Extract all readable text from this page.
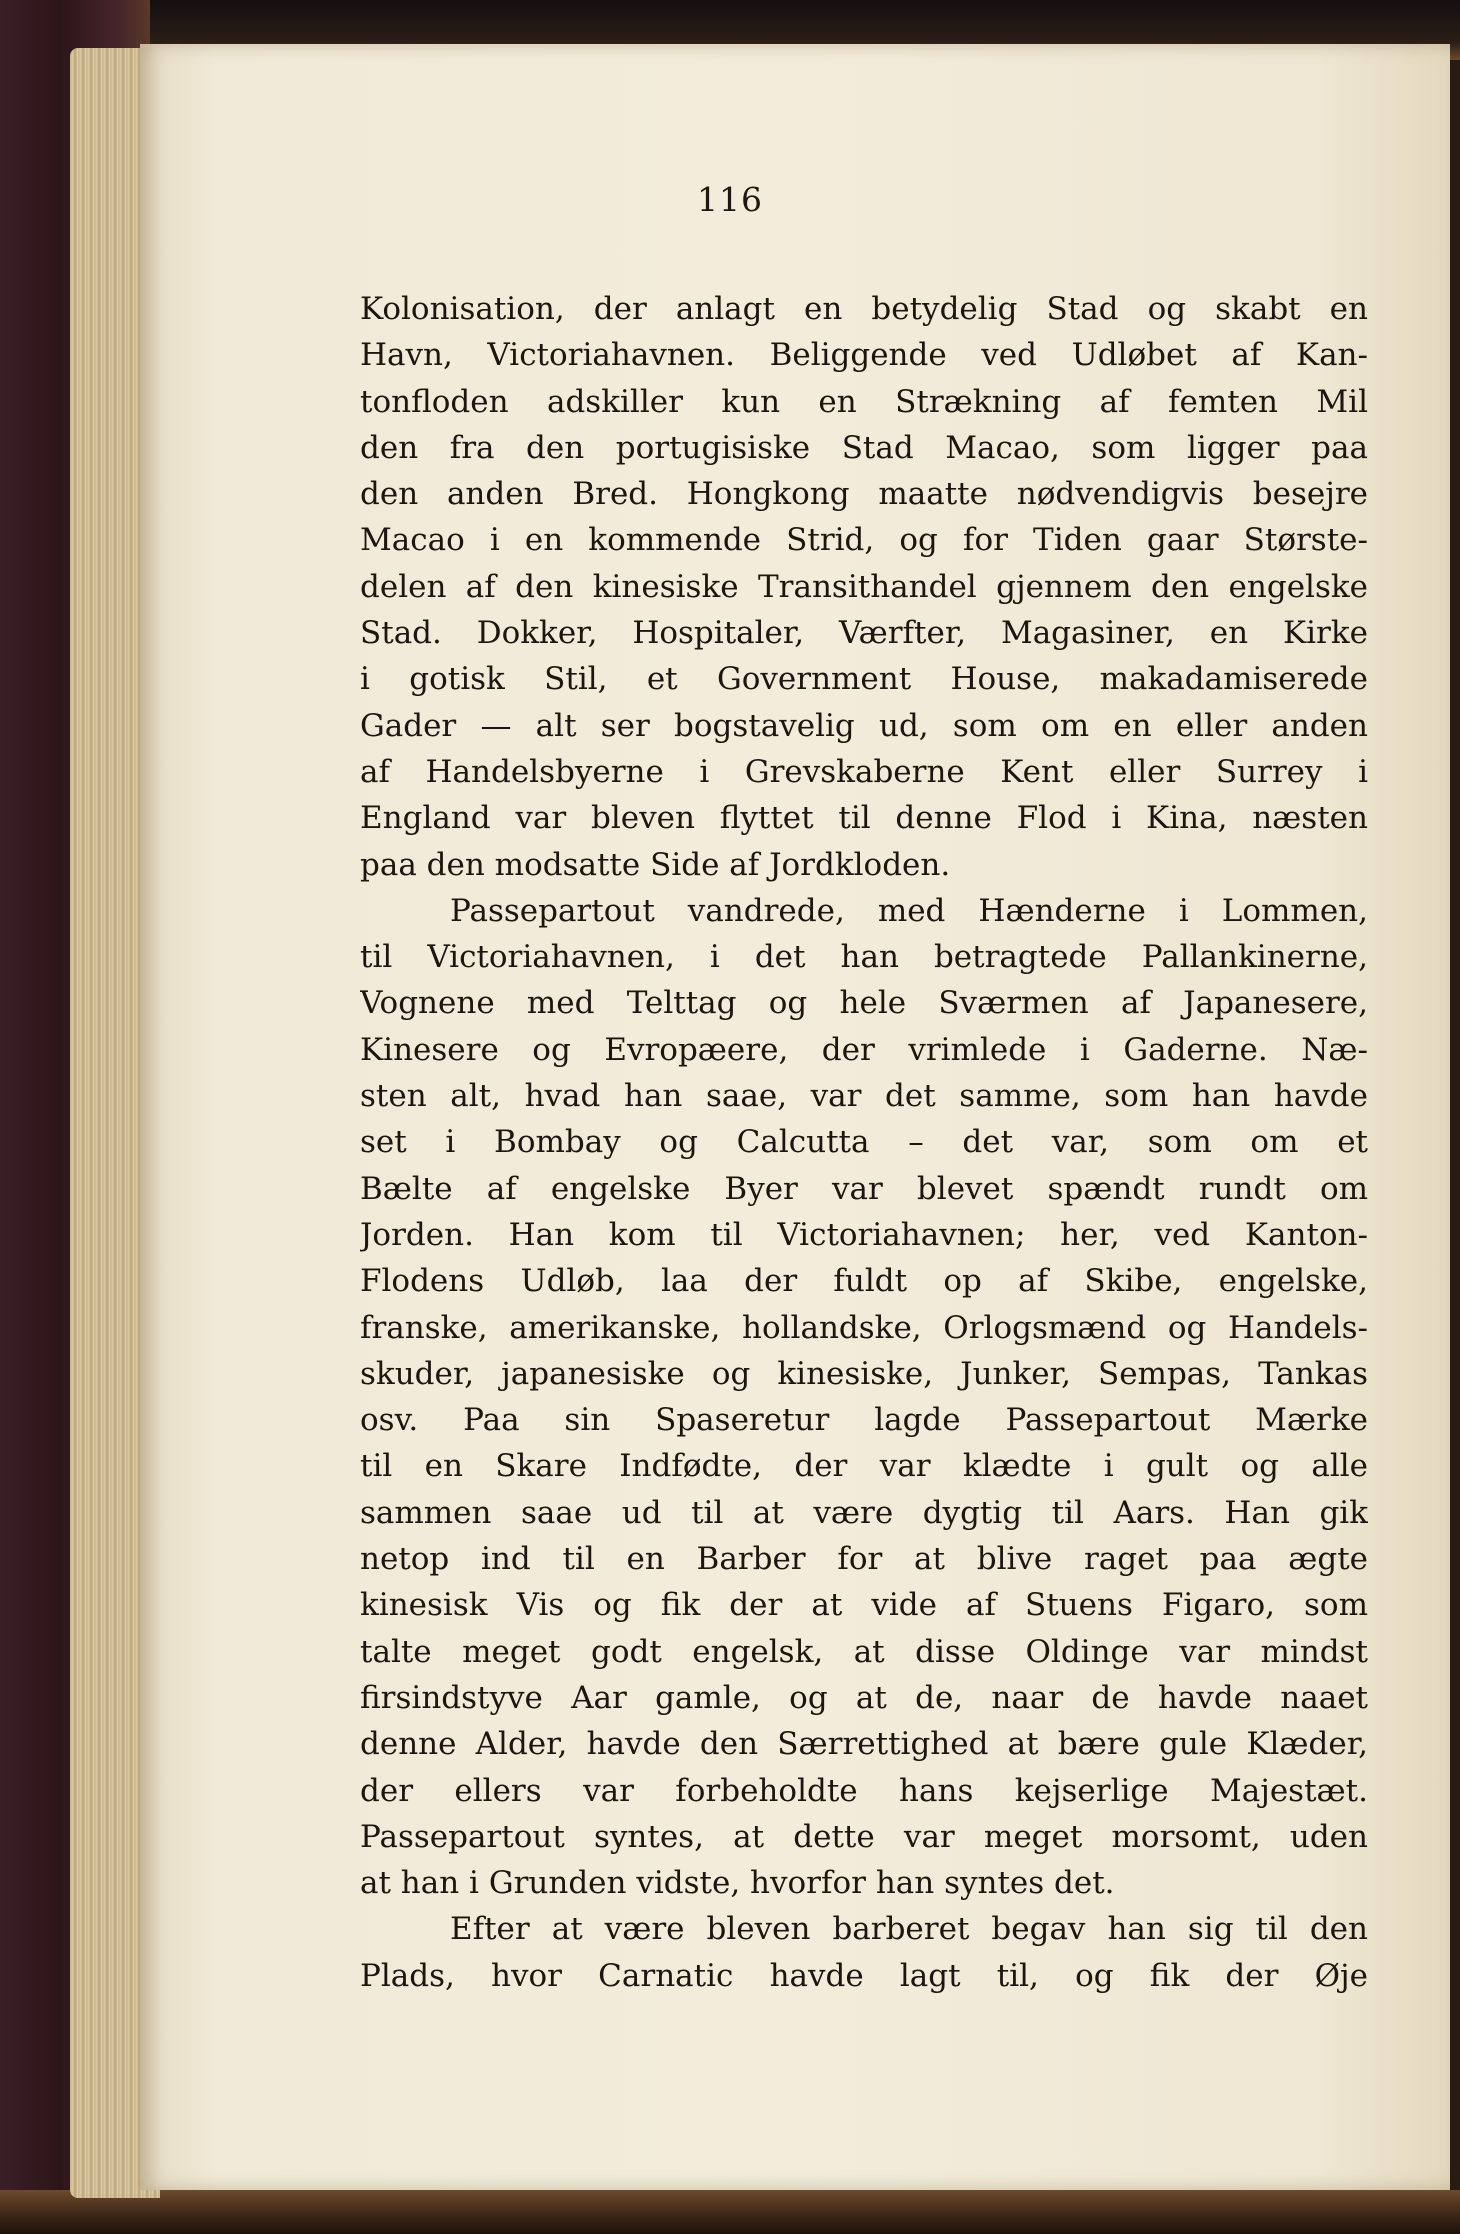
116
Kolonisation, der anlagt en betydelig Stad og skabt en
Havn, Victoriahavnen. Beliggende ved Udløbet af Kan-
tonfloden adskiller kun en Strækning af femten Mil
den fra den portugisiske Stad Macao, som ligger paa
den anden Bred. Hongkong maatte nødvendigvis besejre
Macao i en kommende Strid, og for Tiden gaar Største-
delen af den kinesiske Transithandel gjennem den engelske
Stad. Dokker, Hospitaler, Værfter, Magasiner, en Kirke
i gotisk Stil, et Government House, makadamiserede
Gader — alt ser bogstavelig ud, som om en eller anden
af Handelsbyerne i Grevskaberne Kent eller Surrey i
England var bleven flyttet til denne Flod i Kina, næsten
paa den modsatte Side af Jordkloden.
Passepartout vandrede, med Hænderne i Lommen,
til Victoriahavnen, i det han betragtede Pallankinerne,
Vognene med Telttag og hele Sværmen af Japanesere,
Kinesere og Evropæere, der vrimlede i Gaderne. Næ-
sten alt, hvad han saae, var det samme, som han havde
set i Bombay og Calcutta – det var, som om et
Bælte af engelske Byer var blevet spændt rundt om
Jorden. Han kom til Victoriahavnen; her, ved Kanton-
Flodens Udløb, laa der fuldt op af Skibe, engelske,
franske, amerikanske, hollandske, Orlogsmænd og Handels-
skuder, japanesiske og kinesiske, Junker, Sempas, Tankas
osv. Paa sin Spaseretur lagde Passepartout Mærke
til en Skare Indfødte, der var klædte i gult og alle
sammen saae ud til at være dygtig til Aars. Han gik
netop ind til en Barber for at blive raget paa ægte
kinesisk Vis og fik der at vide af Stuens Figaro, som
talte meget godt engelsk, at disse Oldinge var mindst
firsindstyve Aar gamle, og at de, naar de havde naaet
denne Alder, havde den Særrettighed at bære gule Klæder,
der ellers var forbeholdte hans kejserlige Majestæt.
Passepartout syntes, at dette var meget morsomt, uden
at han i Grunden vidste, hvorfor han syntes det.
Efter at være bleven barberet begav han sig til den
Plads, hvor Carnatic havde lagt til, og fik der Øje
